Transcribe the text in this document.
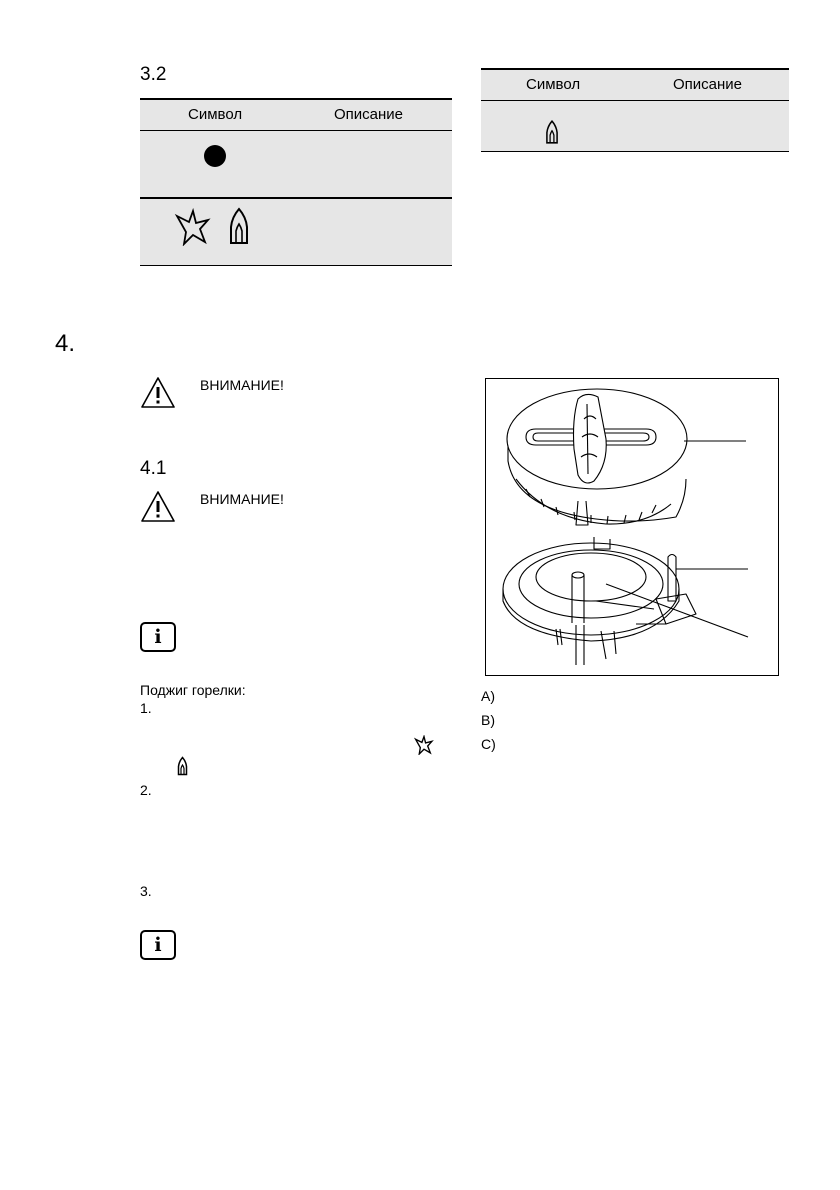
3.2
Символ	Описание
Символ	Описание
4.
ВНИМАНИЕ!
4.1
ВНИМАНИЕ!
i
Поджиг горелки:
1.
2.
3.
i
A)
B)
C)
